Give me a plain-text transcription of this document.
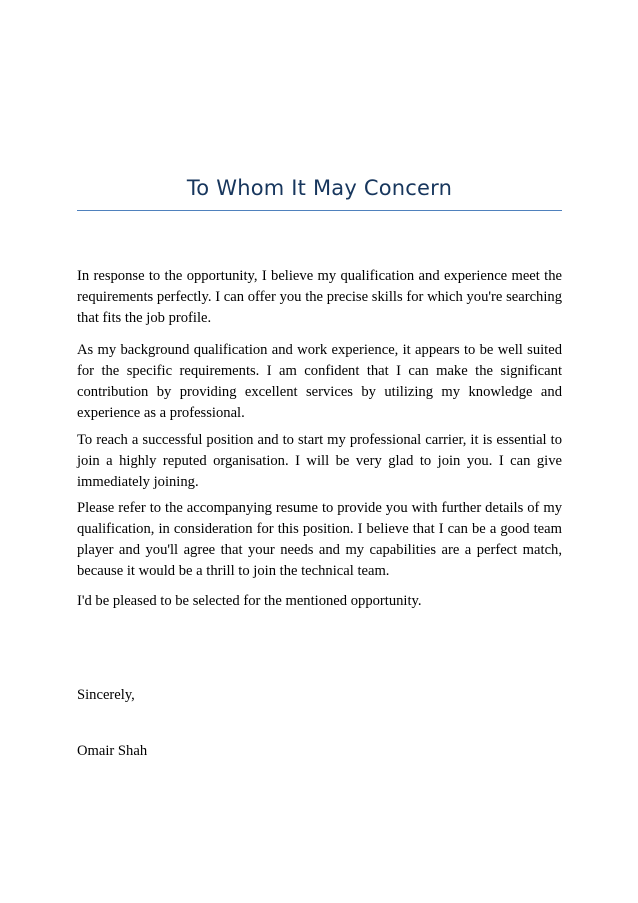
To Whom It May Concern

In response to the opportunity, I believe my qualification and experience meet the requirements perfectly. I can offer you the precise skills for which you're searching that fits the job profile.

As my background qualification and work experience, it appears to be well suited for the specific requirements. I am confident that I can make the significant contribution by providing excellent services by utilizing my knowledge and experience as a professional.

To reach a successful position and to start my professional carrier, it is essential to join a highly reputed organisation. I will be very glad to join you. I can give immediately joining.

Please refer to the accompanying resume to provide you with further details of my qualification, in consideration for this position. I believe that I can be a good team player and you'll agree that your needs and my capabilities are a perfect match, because it would be a thrill to join the technical team.

I'd be pleased to be selected for the mentioned opportunity.

Sincerely,

Omair Shah
